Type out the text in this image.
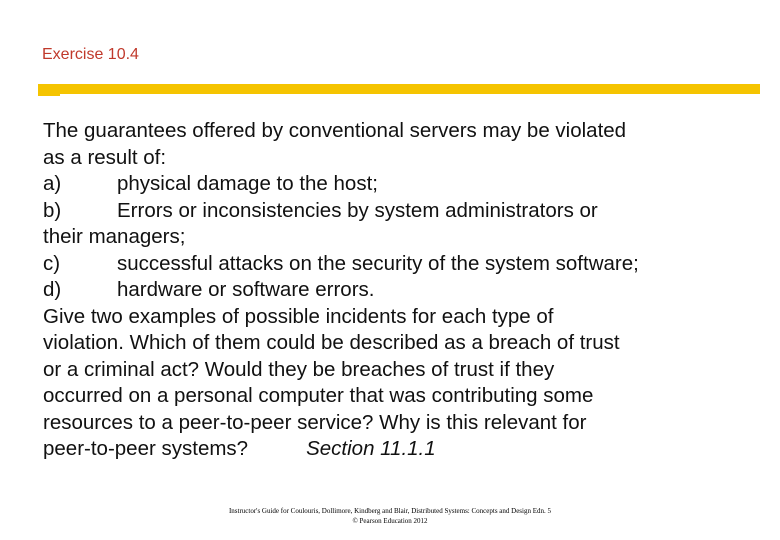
Exercise 10.4
The guarantees offered by conventional servers may be violated
as a result of:
a)	physical damage to the host;
b)	Errors or inconsistencies by system administrators or
their managers;
c)	successful attacks on the security of the system software;
d)	hardware or software errors.
Give two examples of possible incidents for each type of
violation. Which of them could be described as a breach of trust
or a criminal act? Would they be breaches of trust if they
occurred on a personal computer that was contributing some
resources to a peer-to-peer service? Why is this relevant for
peer-to-peer systems?	Section 11.1.1
Instructor's Guide for Coulouris, Dollimore, Kindberg and Blair, Distributed Systems: Concepts and Design Edn. 5
© Pearson Education 2012
